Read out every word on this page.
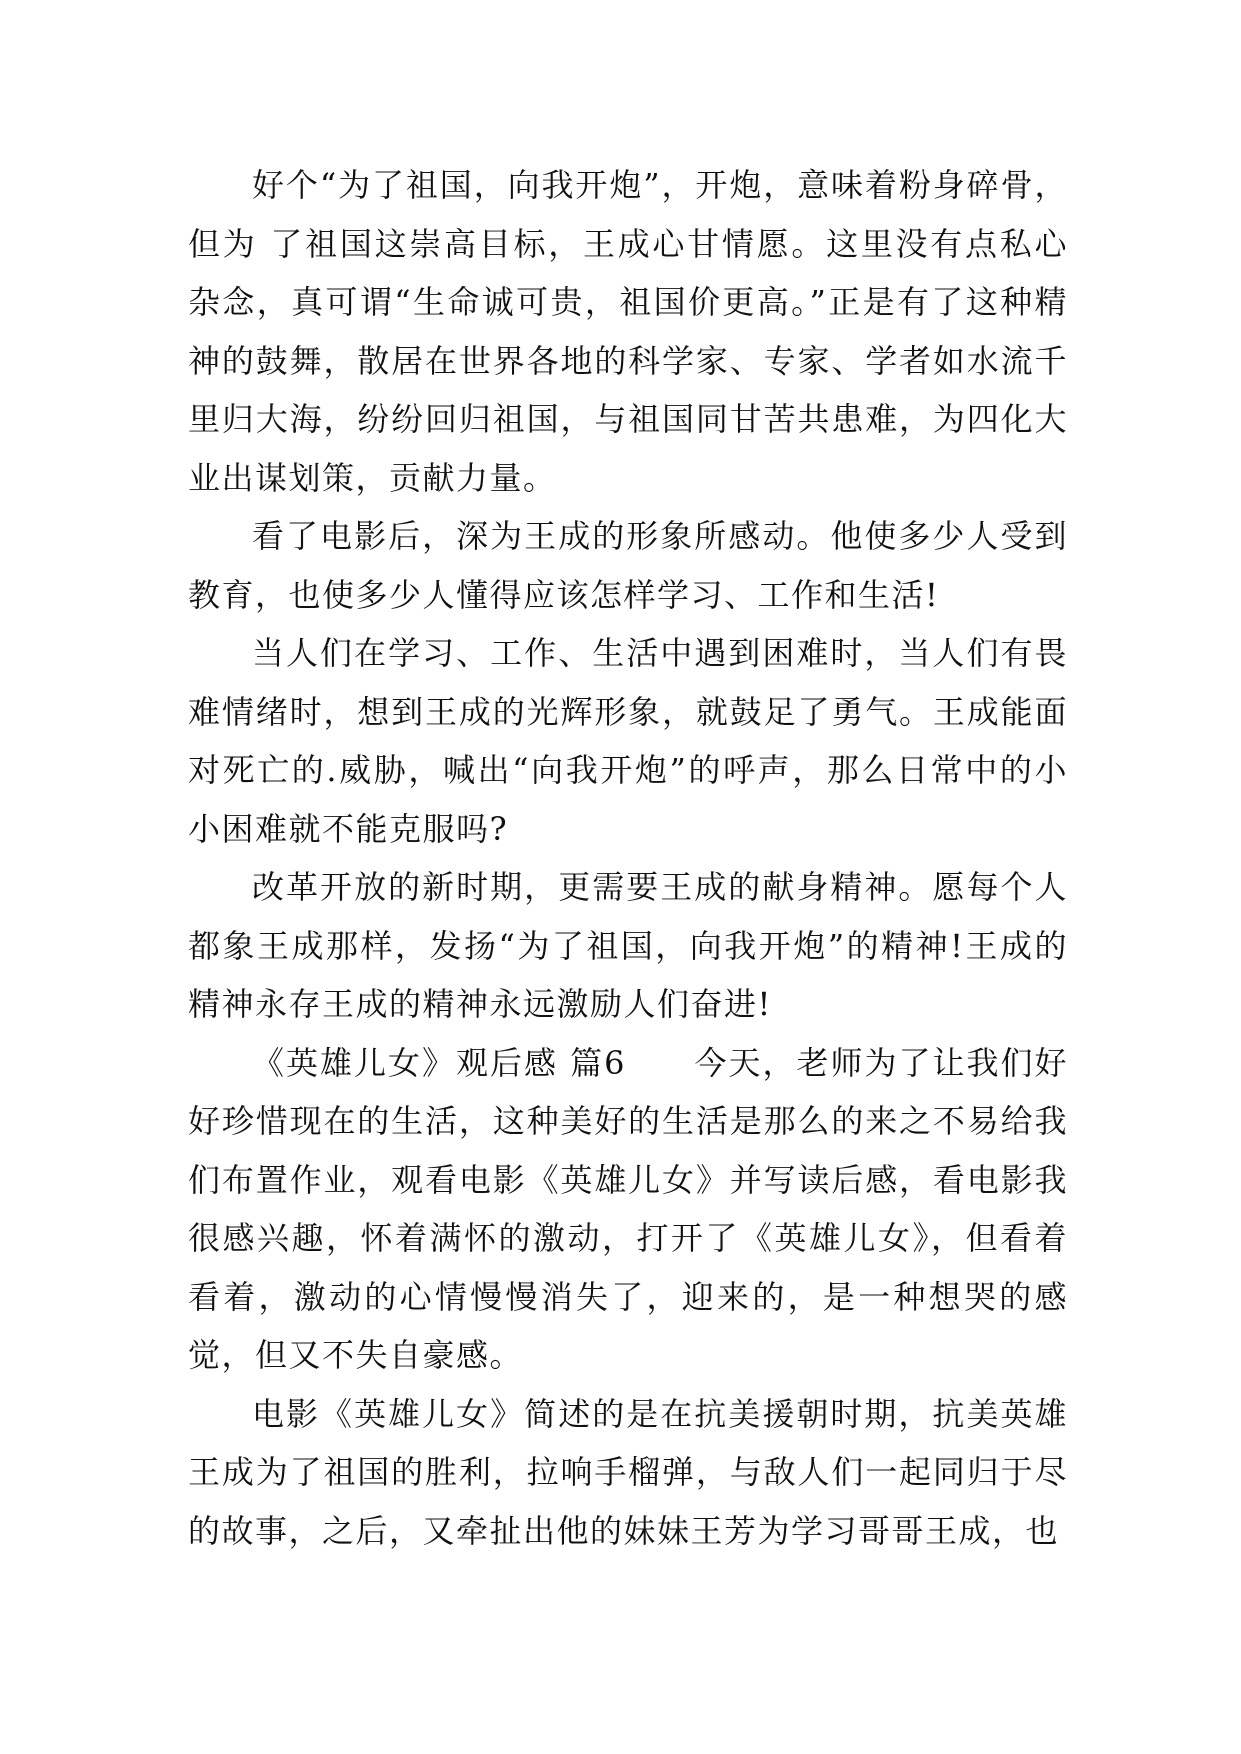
好个“为了祖国，向我开炮”，开炮，意味着粉身碎骨，但为 了祖国这崇高目标，王成心甘情愿。这里没有点私心杂念，真可谓“生命诚可贵，祖国价更高。”正是有了这种精神的鼓舞，散居在世界各地的科学家、专家、学者如水流千里归大海，纷纷回归祖国，与祖国同甘苦共患难，为四化大业出谋划策，贡献力量。

看了电影后，深为王成的形象所感动。他使多少人受到教育，也使多少人懂得应该怎样学习、工作和生活!

当人们在学习、工作、生活中遇到困难时，当人们有畏难情绪时，想到王成的光辉形象，就鼓足了勇气。王成能面对死亡的.威胁，喊出“向我开炮”的呼声，那么日常中的小小困难就不能克服吗?

改革开放的新时期，更需要王成的献身精神。愿每个人都象王成那样，发扬“为了祖国，向我开炮”的精神!王成的精神永存王成的精神永远激励人们奋进!

《英雄儿女》观后感 篇6　　今天，老师为了让我们好好珍惜现在的生活，这种美好的生活是那么的来之不易给我们布置作业，观看电影《英雄儿女》并写读后感，看电影我很感兴趣，怀着满怀的激动，打开了《英雄儿女》，但看着看着，激动的心情慢慢消失了，迎来的，是一种想哭的感觉，但又不失自豪感。

电影《英雄儿女》简述的是在抗美援朝时期，抗美英雄王成为了祖国的胜利，拉响手榴弹，与敌人们一起同归于尽的故事，之后，又牵扯出他的妹妹王芳为学习哥哥王成，也
